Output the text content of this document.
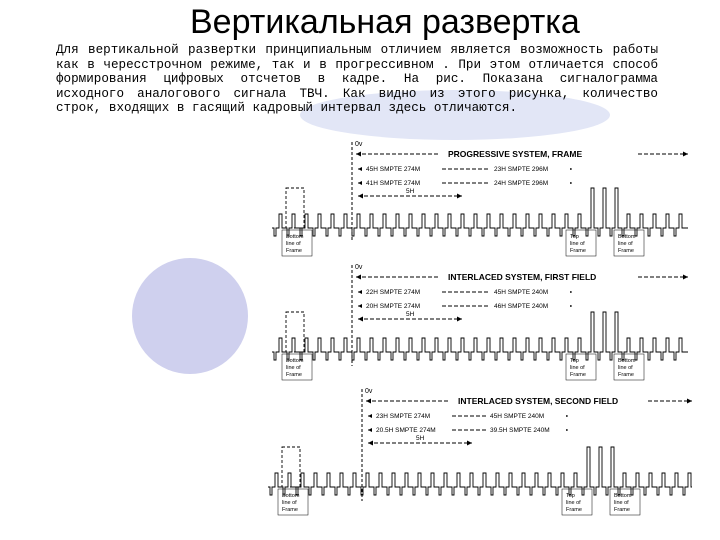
Вертикальная развертка
Для вертикальной развертки принципиальным отличием является возможность работы как в чересстрочном режиме, так и в прогрессивном . При этом отличается способ формирования цифровых отсчетов в кадре. На рис. Показана сигналограмма исходного аналогового сигнала ТВЧ. Как видно из этого рисунка, количество строк, входящих в гасящий кадровый интервал здесь отличаются.
0v
PROGRESSIVE SYSTEM, FRAME
45H SMPTE 274M	23H SMPTE 296M
41H SMPTE 274M	24H SMPTE 296M
5H
Bottom
line of
Frame
Top
line of
Frame
Bottom
line of
Frame
0v
INTERLACED SYSTEM, FIRST FIELD
22H SMPTE 274M	45H SMPTE 240M
20H SMPTE 274M	46H SMPTE 240M
5H
Bottom
line of
Frame
Top
line of
Frame
Bottom
line of
Frame
0v
INTERLACED SYSTEM, SECOND FIELD
23H SMPTE 274M	45H SMPTE 240M
20.5H SMPTE 274M	39.5H SMPTE 240M
5H
Bottom
line of
Frame
Top
line of
Frame
Bottom
line of
Frame
